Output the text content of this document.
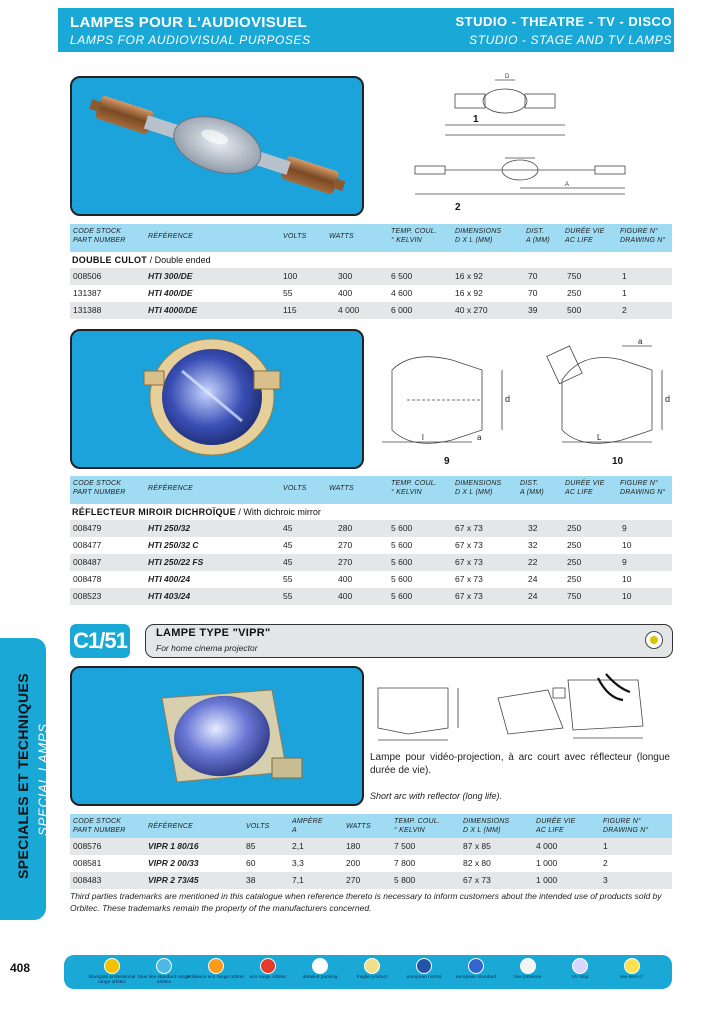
LAMPES POUR L'AUDIOVISUEL
LAMPS FOR AUDIOVISUAL PURPOSES
STUDIO - THEATRE - TV - DISCO
STUDIO - STAGE AND TV LAMPS
1
D
2
A
CODE STOCK
PART NUMBER
RÉFÉRENCE	VOLTS	WATTS
TEMP. COUL.
° KELVIN
DIMENSIONS
D X L (MM)
DIST.
A (MM)
DURÉE VIE
AC LIFE
FIGURE N°
DRAWING N°
DOUBLE CULOT / Double ended
008506	HTI 300/DE	100	300	6 500	16 x 92	70	750	1
131387	HTI 400/DE	55	400	4 600	16 x 92	70	250	1
131388	HTI 4000/DE	115	4 000	6 000	40 x 270	39	500	2
9	10
d	d
l	L
a
a
CODE STOCK
PART NUMBER
RÉFÉRENCE	VOLTS	WATTS
TEMP. COUL.
° KELVIN
DIMENSIONS
D X L (MM)
DIST.
A (MM)
DURÉE VIE
AC LIFE
FIGURE N°
DRAWING N°
RÉFLECTEUR MIROIR DICHROÏQUE / With dichroic mirror
008479	HTI 250/32	45	280	5 600	67 x 73	32	250	9
008477	HTI 250/32 C	45	270	5 600	67 x 73	32	250	10
008487	HTI 250/22 FS	45	270	5 600	67 x 73	22	250	9
008478	HTI 400/24	55	400	5 600	67 x 73	24	250	10
008523	HTI 403/24	55	400	5 600	67 x 73	24	750	10
C1/51	LAMPE TYPE "VIPR"
For home cinema projector
Lampe pour vidéo-projection, à arc court avec réflecteur (longue durée de vie).
Short arc with reflector (long life).
CODE STOCK
PART NUMBER
RÉFÉRENCE	VOLTS
AMPÈRE
A
WATTS
TEMP. COUL.
° KELVIN
DIMENSIONS
D X L (MM)
DURÉE VIE
AC LIFE
FIGURE N°
DRAWING N°
008576	VIPR 1 80/16	85	2,1	180	7 500	87 x 85	4 000	1
008581	VIPR 2 00/33	60	3,3	200	7 800	82 x 80	1 000	2
008483	VIPR 2 73/45	38	7,1	270	5 800	67 x 73	1 000	3
Third parties trademarks are mentioned in this catalogue when reference thereto is necessary to inform customers about the intended use of products sold by Orbitec. These trademarks remain the property of the manufacturers concerned.
SPECIALES ET TECHNIQUES SPECIAL LAMPS
408
blue/gold professional range orbitec
blue line standard range orbitec
brilliance eco range orbitec eco range orbitec	detailed packing	fragile product	european norms	european standard	low pressure	UV stop	see item n°
